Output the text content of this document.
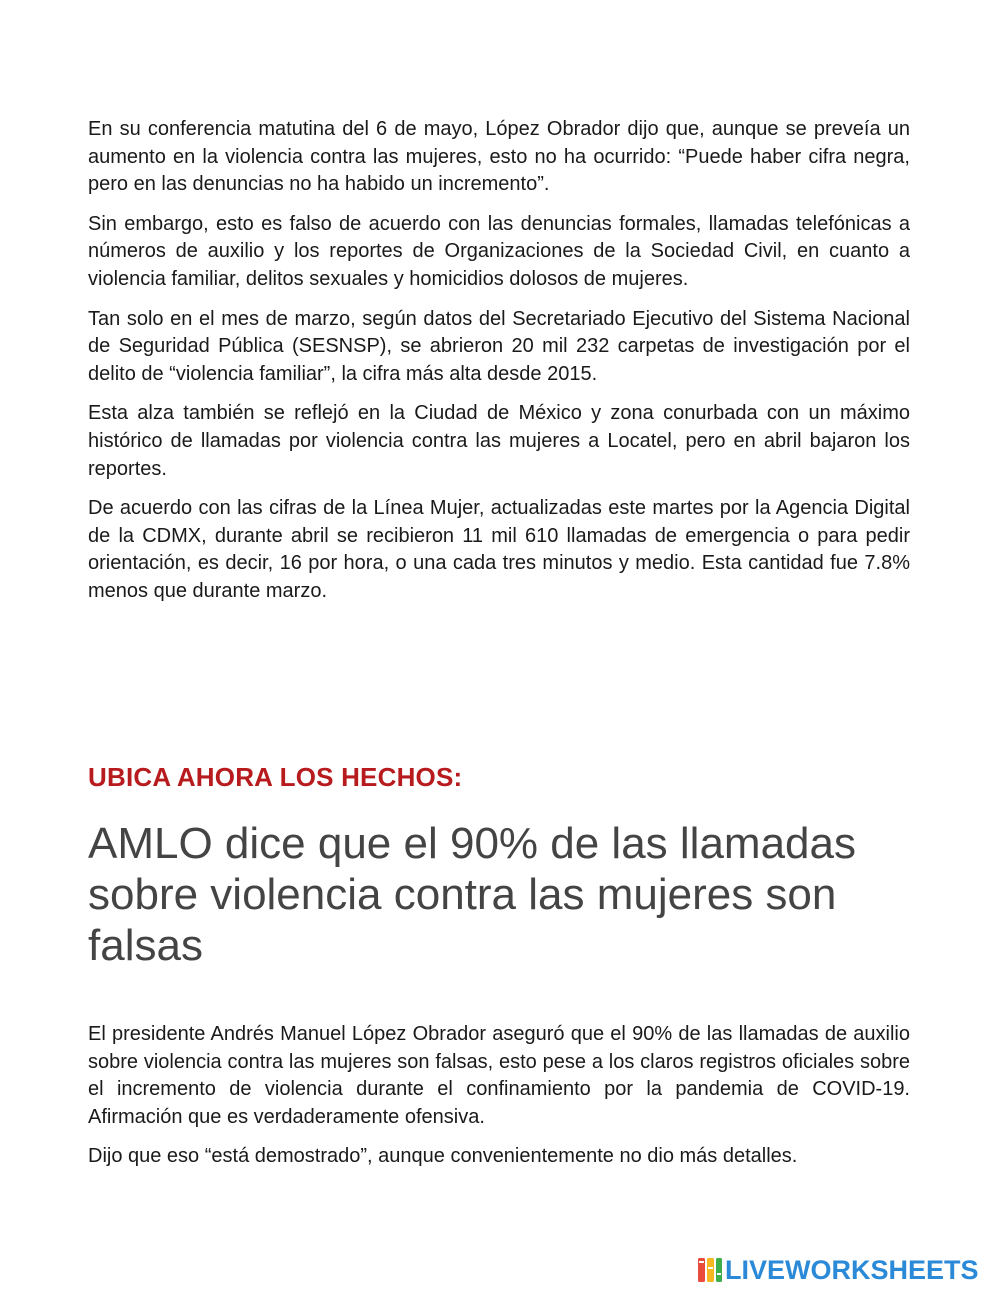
En su conferencia matutina del 6 de mayo, López Obrador dijo que, aunque se preveía un aumento en la violencia contra las mujeres, esto no ha ocurrido: “Puede haber cifra negra, pero en las denuncias no ha habido un incremento”.

Sin embargo, esto es falso de acuerdo con las denuncias formales, llamadas telefónicas a números de auxilio y los reportes de Organizaciones de la Sociedad Civil, en cuanto a violencia familiar, delitos sexuales y homicidios dolosos de mujeres.

Tan solo en el mes de marzo, según datos del Secretariado Ejecutivo del Sistema Nacional de Seguridad Pública (SESNSP), se abrieron 20 mil 232 carpetas de investigación por el delito de “violencia familiar”, la cifra más alta desde 2015.

Esta alza también se reflejó en la Ciudad de México y zona conurbada con un máximo histórico de llamadas por violencia contra las mujeres a Locatel, pero en abril bajaron los reportes.

De acuerdo con las cifras de la Línea Mujer, actualizadas este martes por la Agencia Digital de la CDMX, durante abril se recibieron 11 mil 610 llamadas de emergencia o para pedir orientación, es decir, 16 por hora, o una cada tres minutos y medio. Esta cantidad fue 7.8% menos que durante marzo.

UBICA AHORA LOS HECHOS:
AMLO dice que el 90% de las llamadas sobre violencia contra las mujeres son falsas

El presidente Andrés Manuel López Obrador aseguró que el 90% de las llamadas de auxilio sobre violencia contra las mujeres son falsas, esto pese a los claros registros oficiales sobre el incremento de violencia durante el confinamiento por la pandemia de COVID-19. Afirmación que es verdaderamente ofensiva.

Dijo que eso “está demostrado”, aunque convenientemente no dio más detalles.

LIVEWORKSHEETS
